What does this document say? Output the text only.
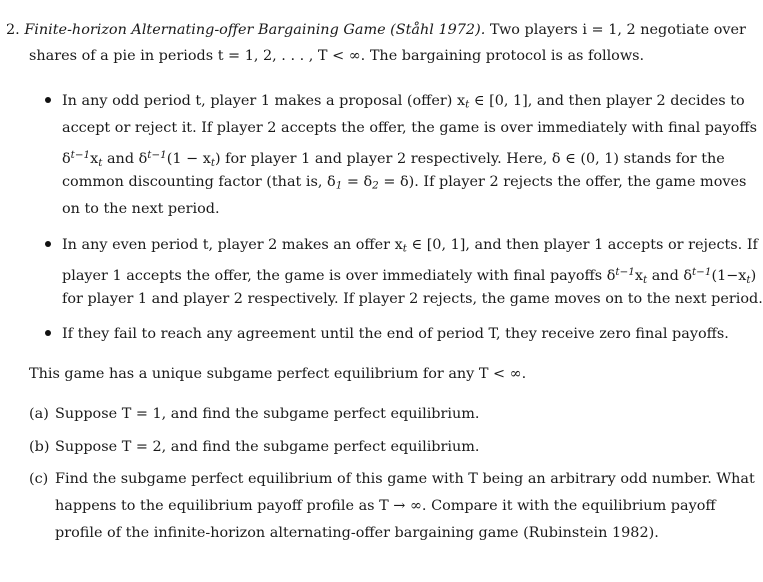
2. Finite-horizon Alternating-offer Bargaining Game (Ståhl 1972). Two players i = 1, 2 negotiate over
shares of a pie in periods t = 1, 2, . . . , T < ∞. The bargaining protocol is as follows.
In any odd period t, player 1 makes a proposal (offer) $x_t$ ∈ [0, 1], and then player 2 decides to
accept or reject it. If player 2 accepts the offer, the game is over immediately with final payoffs
$\delta^{t-1}x_t$ and $\delta^{t-1}(1 - x_t)$ for player 1 and player 2 respectively. Here, δ ∈ (0, 1) stands for the
common discounting factor (that is, $\delta_1 = \delta_2 = \delta$). If player 2 rejects the offer, the game moves
on to the next period.
In any even period t, player 2 makes an offer $x_t$ ∈ [0, 1], and then player 1 accepts or rejects. If
player 1 accepts the offer, the game is over immediately with final payoffs $\delta^{t-1}x_t$ and $\delta^{t-1}(1-x_t)$
for player 1 and player 2 respectively. If player 2 rejects, the game moves on to the next period.
If they fail to reach any agreement until the end of period T, they receive zero final payoffs.
This game has a unique subgame perfect equilibrium for any T < ∞.
(a) Suppose T = 1, and find the subgame perfect equilibrium.
(b) Suppose T = 2, and find the subgame perfect equilibrium.
(c) Find the subgame perfect equilibrium of this game with T being an arbitrary odd number. What
happens to the equilibrium payoff profile as T → ∞. Compare it with the equilibrium payoff
profile of the infinite-horizon alternating-offer bargaining game (Rubinstein 1982).
